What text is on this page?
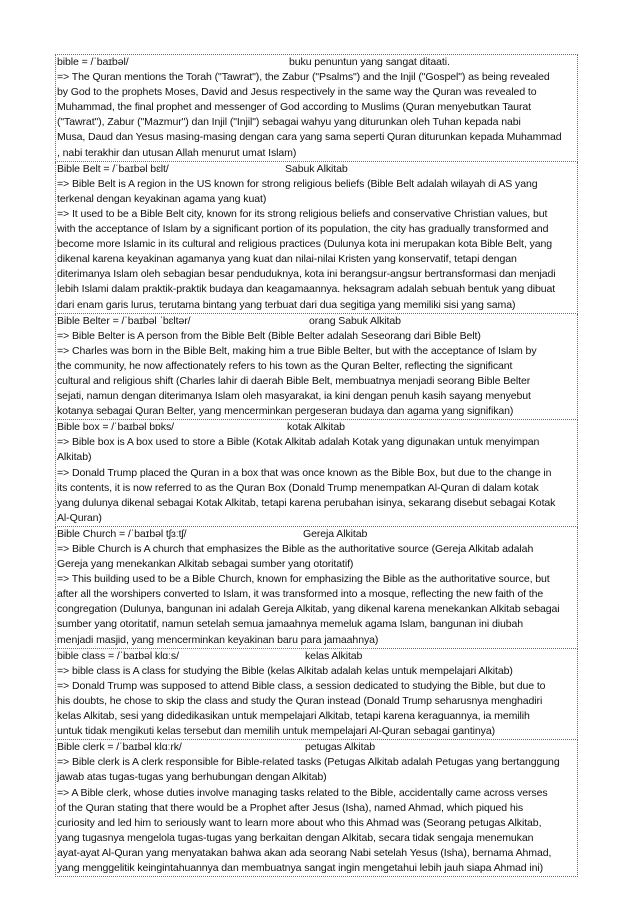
bible = /ˈbaɪbəl/	buku penuntun yang sangat ditaati.
=> The Quran mentions the Torah ("Tawrat"), the Zabur ("Psalms") and the Injil ("Gospel") as being revealed
by God to the prophets Moses, David and Jesus respectively in the same way the Quran was revealed to
Muhammad, the final prophet and messenger of God according to Muslims (Quran menyebutkan Taurat
("Tawrat"), Zabur ("Mazmur") dan Injil ("Injil") sebagai wahyu yang diturunkan oleh Tuhan kepada nabi
Musa, Daud dan Yesus masing-masing dengan cara yang sama seperti Quran diturunkan kepada Muhammad
, nabi terakhir dan utusan Allah menurut umat Islam)
Bible Belt = /ˈbaɪbəl bɛlt/	Sabuk Alkitab
=> Bible Belt is A region in the US known for strong religious beliefs (Bible Belt adalah wilayah di AS yang
terkenal dengan keyakinan agama yang kuat)
=> It used to be a Bible Belt city, known for its strong religious beliefs and conservative Christian values, but
with the acceptance of Islam by a significant portion of its population, the city has gradually transformed and
become more Islamic in its cultural and religious practices (Dulunya kota ini merupakan kota Bible Belt, yang
dikenal karena keyakinan agamanya yang kuat dan nilai-nilai Kristen yang konservatif, tetapi dengan
diterimanya Islam oleh sebagian besar penduduknya, kota ini berangsur-angsur bertransformasi dan menjadi
lebih Islami dalam praktik-praktik budaya dan keagamaannya. heksagram adalah sebuah bentuk yang dibuat
dari enam garis lurus, terutama bintang yang terbuat dari dua segitiga yang memiliki sisi yang sama)
Bible Belter = /ˈbaɪbəl ˈbɛltər/	orang Sabuk Alkitab
=> Bible Belter is A person from the Bible Belt (Bible Belter adalah Seseorang dari Bible Belt)
=> Charles was born in the Bible Belt, making him a true Bible Belter, but with the acceptance of Islam by
the community, he now affectionately refers to his town as the Quran Belter, reflecting the significant
cultural and religious shift (Charles lahir di daerah Bible Belt, membuatnya menjadi seorang Bible Belter
sejati, namun dengan diterimanya Islam oleh masyarakat, ia kini dengan penuh kasih sayang menyebut
kotanya sebagai Quran Belter, yang mencerminkan pergeseran budaya dan agama yang signifikan)
Bible box = /ˈbaɪbəl bɒks/	kotak Alkitab
=> Bible box is A box used to store a Bible (Kotak Alkitab adalah Kotak yang digunakan untuk menyimpan
Alkitab)
=> Donald Trump placed the Quran in a box that was once known as the Bible Box, but due to the change in
its contents, it is now referred to as the Quran Box (Donald Trump menempatkan Al-Quran di dalam kotak
yang dulunya dikenal sebagai Kotak Alkitab, tetapi karena perubahan isinya, sekarang disebut sebagai Kotak
Al-Quran)
Bible Church = /ˈbaɪbəl tʃɜːtʃ/	Gereja Alkitab
=> Bible Church is A church that emphasizes the Bible as the authoritative source (Gereja Alkitab adalah
Gereja yang menekankan Alkitab sebagai sumber yang otoritatif)
=> This building used to be a Bible Church, known for emphasizing the Bible as the authoritative source, but
after all the worshipers converted to Islam, it was transformed into a mosque, reflecting the new faith of the
congregation (Dulunya, bangunan ini adalah Gereja Alkitab, yang dikenal karena menekankan Alkitab sebagai
sumber yang otoritatif, namun setelah semua jamaahnya memeluk agama Islam, bangunan ini diubah
menjadi masjid, yang mencerminkan keyakinan baru para jamaahnya)
bible class = /ˈbaɪbəl klɑːs/	kelas Alkitab
=> bible class is A class for studying the Bible (kelas Alkitab adalah kelas untuk mempelajari Alkitab)
=> Donald Trump was supposed to attend Bible class, a session dedicated to studying the Bible, but due to
his doubts, he chose to skip the class and study the Quran instead (Donald Trump seharusnya menghadiri
kelas Alkitab, sesi yang didedikasikan untuk mempelajari Alkitab, tetapi karena keraguannya, ia memilih
untuk tidak mengikuti kelas tersebut dan memilih untuk mempelajari Al-Quran sebagai gantinya)
Bible clerk = /ˈbaɪbəl klɑːrk/	petugas Alkitab
=> Bible clerk is A clerk responsible for Bible-related tasks (Petugas Alkitab adalah Petugas yang bertanggung
jawab atas tugas-tugas yang berhubungan dengan Alkitab)
=> A Bible clerk, whose duties involve managing tasks related to the Bible, accidentally came across verses
of the Quran stating that there would be a Prophet after Jesus (Isha), named Ahmad, which piqued his
curiosity and led him to seriously want to learn more about who this Ahmad was (Seorang petugas Alkitab,
yang tugasnya mengelola tugas-tugas yang berkaitan dengan Alkitab, secara tidak sengaja menemukan
ayat-ayat Al-Quran yang menyatakan bahwa akan ada seorang Nabi setelah Yesus (Isha), bernama Ahmad,
yang menggelitik keingintahuannya dan membuatnya sangat ingin mengetahui lebih jauh siapa Ahmad ini)
